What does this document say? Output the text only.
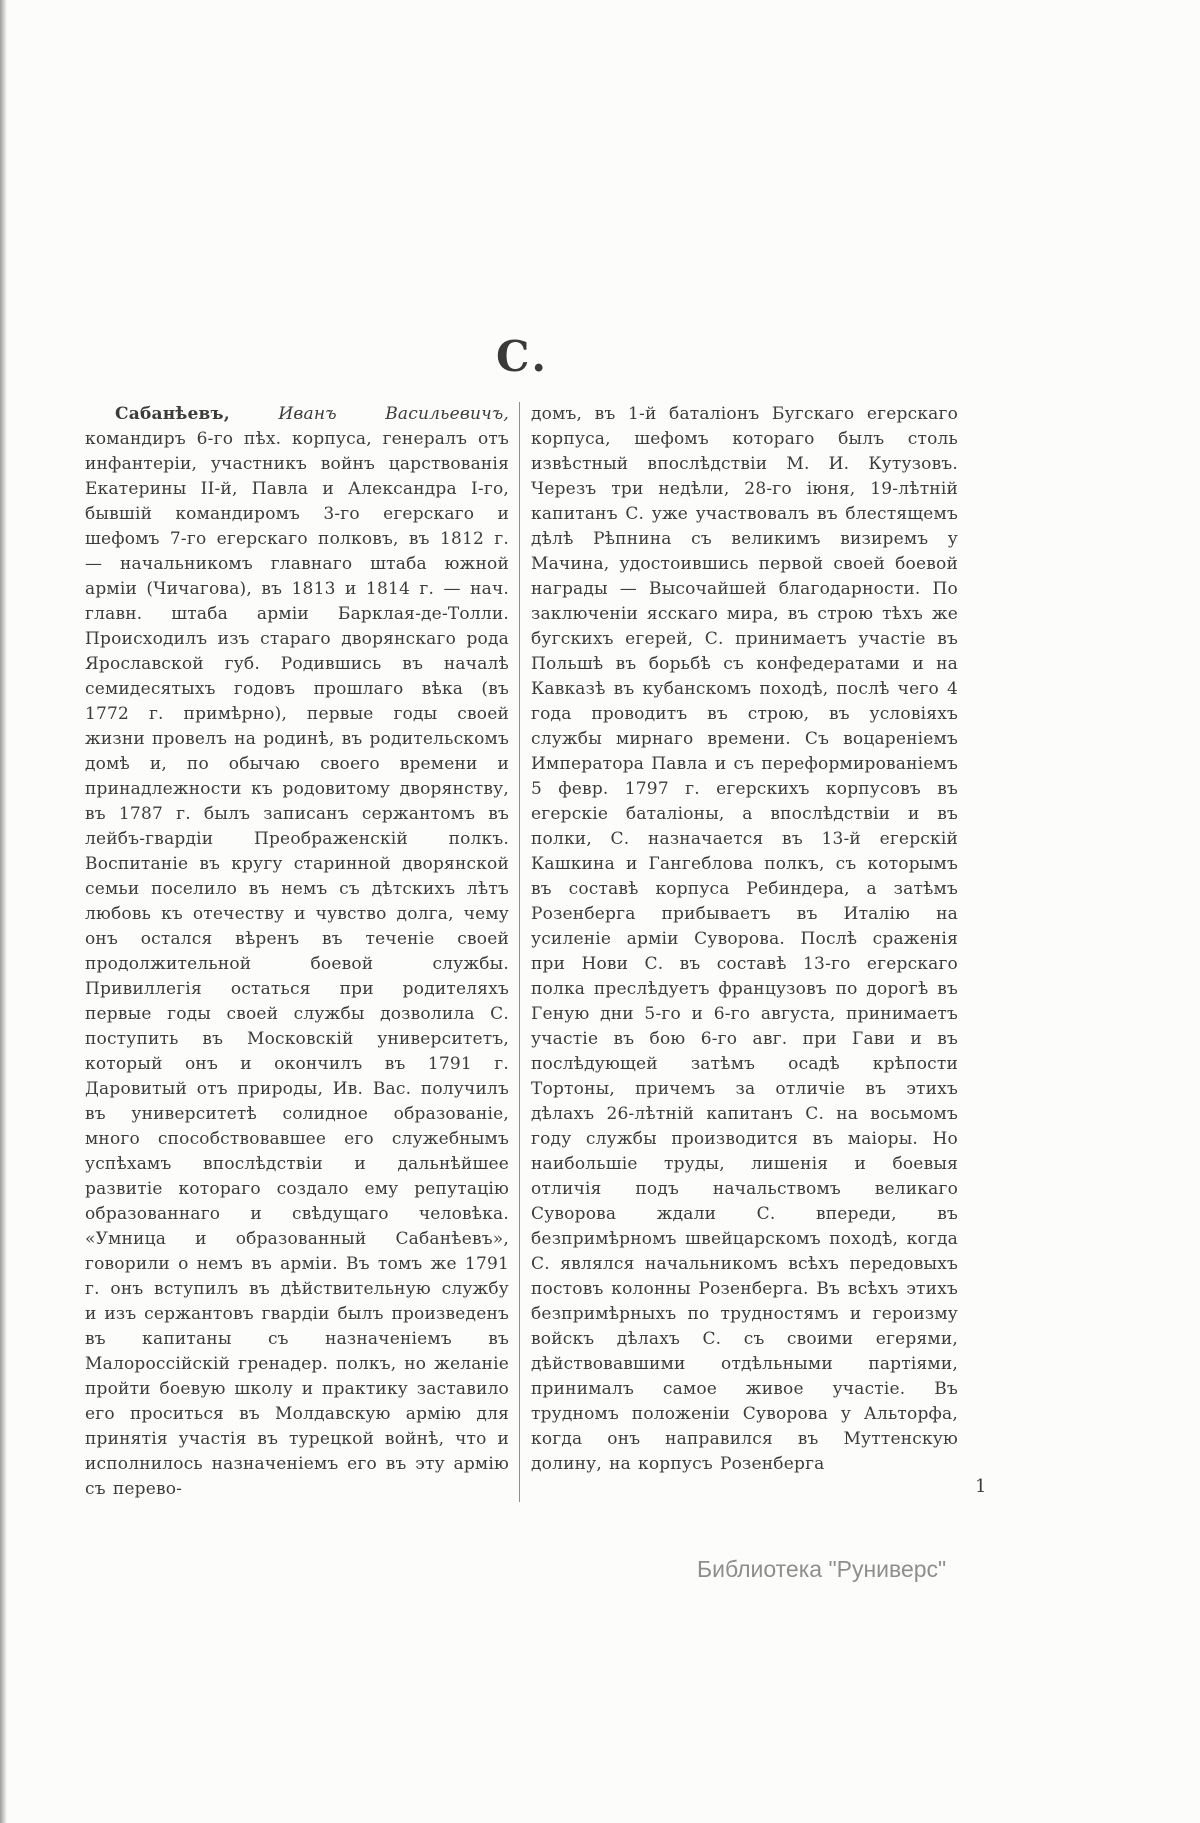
С.
Сабанѣевъ,	Иванъ Васильевичъ, командиръ 6-го пѣх. корпуса, генералъ отъ инфантеріи, участникъ войнъ царствованія Екатерины II-й, Павла и Александра I-го, бывшій командиромъ 3-го егерскаго и шефомъ 7-го егерскаго полковъ, въ 1812 г. — начальникомъ главнаго штаба южной арміи (Чичагова), въ 1813 и 1814 г. — нач. главн. штаба арміи Барклая-де-Толли. Происходилъ изъ стараго дворянскаго рода Ярославской губ. Родившись въ началѣ семидесятыхъ годовъ прошлаго вѣка (въ 1772 г. примѣрно), первые годы своей жизни провелъ на родинѣ, въ родительскомъ домѣ и, по обычаю своего времени и принадлежности къ родовитому дворянству, въ 1787 г. былъ записанъ сержантомъ въ лейбъ-гвардіи Преображенскій полкъ. Воспитаніе въ кругу старинной дворянской семьи поселило въ немъ съ дѣтскихъ лѣтъ любовь къ отечеству и чувство долга, чему онъ остался вѣренъ въ теченіе своей продолжительной боевой службы. Привиллегія остаться при родителяхъ первые годы своей службы дозволила С. поступить въ Московскій университетъ, который онъ и окончилъ въ 1791 г. Даровитый отъ природы, Ив. Вас. получилъ въ университетѣ солидное образованіе, много способствовавшее его служебнымъ успѣхамъ впослѣдствіи и дальнѣйшее развитіе котораго создало ему репутацію образованнаго и свѣдущаго человѣка. «Умница и образованный Сабанѣевъ», говорили о немъ въ арміи. Въ томъ же 1791 г. онъ вступилъ въ дѣйствительную службу и изъ сержантовъ гвардіи былъ произведенъ въ капитаны съ назначеніемъ въ Малороссійскій гренадер. полкъ, но желаніе пройти боевую школу и практику заставило его проситься въ Молдавскую армію для принятія участія въ турецкой войнѣ, что и исполнилось назначеніемъ его въ эту армію съ перево-
домъ, въ 1-й баталіонъ Бугскаго егерскаго корпуса, шефомъ котораго былъ столь извѣстный впослѣдствіи М. И. Кутузовъ. Черезъ три недѣли, 28-го іюня, 19-лѣтній капитанъ С. уже участвовалъ въ блестящемъ дѣлѣ Рѣпнина съ великимъ визиремъ у Мачина, удостоившись первой своей боевой награды — Высочайшей благодарности. По заключеніи ясскаго мира, въ строю тѣхъ же бугскихъ егерей, С. принимаетъ участіе въ Польшѣ въ борьбѣ съ конфедератами и на Кавказѣ въ кубанскомъ походѣ, послѣ чего 4 года проводитъ въ строю, въ условіяхъ службы мирнаго времени. Съ воцареніемъ Императора Павла и съ переформированіемъ 5 февр. 1797 г. егерскихъ корпусовъ въ егерскіе баталіоны, а впослѣдствіи и въ полки, С. назначается въ 13-й егерскій Кашкина и Гангеблова полкъ, съ которымъ въ составѣ корпуса Ребиндера, а затѣмъ Розенберга прибываетъ въ Италію на усиленіе арміи Суворова. Послѣ сраженія при Нови С. въ составѣ 13-го егерскаго полка преслѣдуетъ французовъ по дорогѣ въ Геную дни 5-го и 6-го августа, принимаетъ участіе въ бою 6-го авг. при Гави и въ послѣдующей затѣмъ осадѣ крѣпости Тортоны, причемъ за отличіе въ этихъ дѣлахъ 26-лѣтній капитанъ С. на восьмомъ году службы производится въ маіоры. Но наибольшіе труды, лишенія и боевыя отличія подъ начальствомъ великаго Суворова ждали С. впереди, въ безпримѣрномъ швейцарскомъ походѣ, когда С. являлся начальникомъ всѣхъ передовыхъ постовъ колонны Розенберга. Въ всѣхъ этихъ безпримѣрныхъ по трудностямъ и героизму войскъ дѣлахъ С. съ своими егерями, дѣйствовавшими отдѣльными партіями, принималъ самое живое участіе. Въ трудномъ положеніи Суворова у Альторфа, когда онъ направился въ Муттенскую долину, на корпусъ Розенберга
1
Библиотека "Руниверс"
